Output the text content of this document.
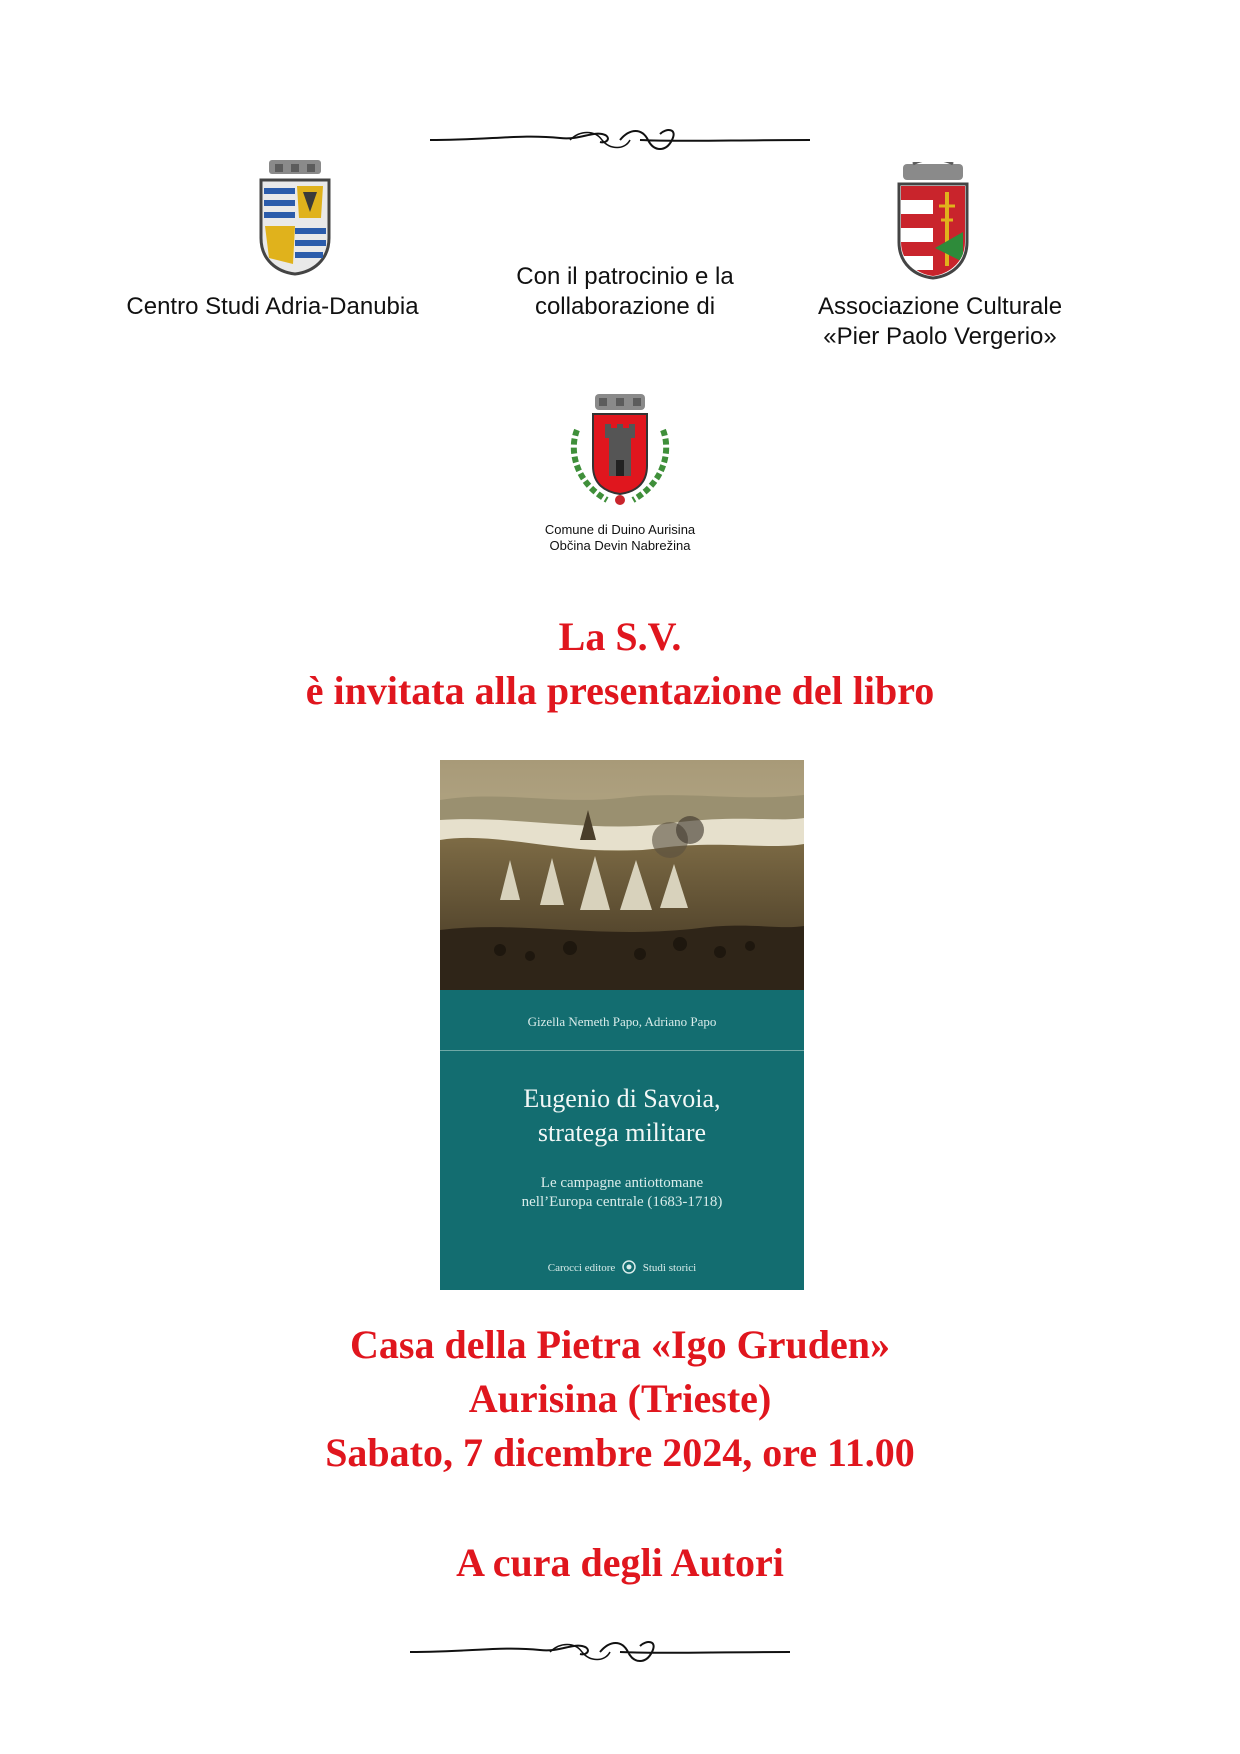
Centro Studi Adria-Danubia
Con il patrocinio e la
collaborazione di	Associazione Culturale
«Pier Paolo Vergerio»
Comune di Duino Aurisina
Občina Devin Nabrežina
La S.V.
è invitata alla presentazione del libro
Gizella Nemeth Papo, Adriano Papo
Eugenio di Savoia,
stratega militare
Le campagne antiottomane
nell’Europa centrale (1683-1718)
Carocci editore	Studi storici
Casa della Pietra «Igo Gruden»
Aurisina (Trieste)
Sabato, 7 dicembre 2024, ore 11.00
A cura degli Autori
